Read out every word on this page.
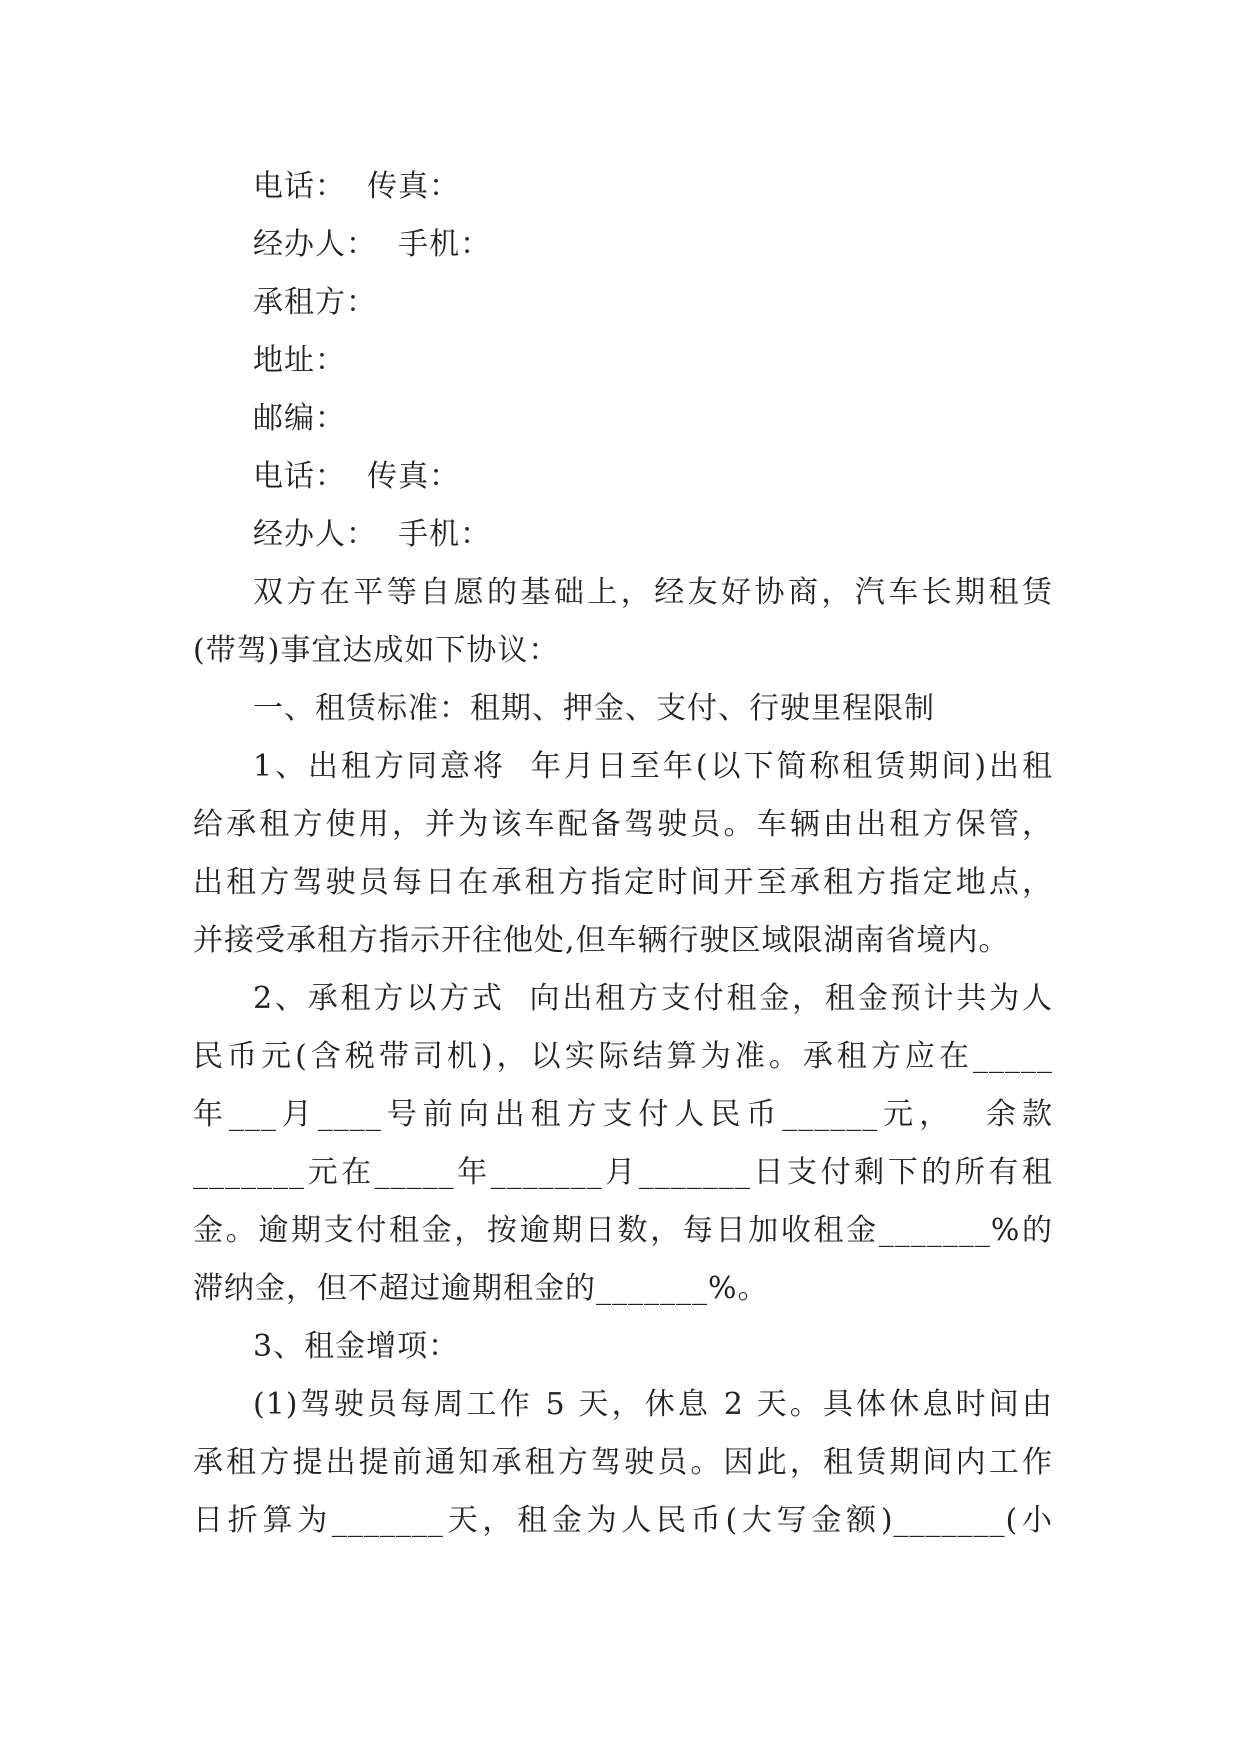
电话：  传真：
经办人：  手机：
承租方：
地址：
邮编：
电话：  传真：
经办人：  手机：
双方在平等自愿的基础上，经友好协商，汽车长期租赁
(带驾)事宜达成如下协议：
一、租赁标准：租期、押金、支付、行驶里程限制
1、出租方同意将  年月日至年(以下简称租赁期间)出租
给承租方使用，并为该车配备驾驶员。车辆由出租方保管，
出租方驾驶员每日在承租方指定时间开至承租方指定地点，
并接受承租方指示开往他处,但车辆行驶区域限湖南省境内。
2、承租方以方式  向出租方支付租金，租金预计共为人
民币元(含税带司机)，以实际结算为准。承租方应在_____
年___月____号前向出租方支付人民币______元，  余款
_______元在_____年_______月_______日支付剩下的所有租
金。逾期支付租金，按逾期日数，每日加收租金_______%的
滞纳金，但不超过逾期租金的_______%。
3、租金增项：
(1)驾驶员每周工作 5 天，休息 2 天。具体休息时间由
承租方提出提前通知承租方驾驶员。因此，租赁期间内工作
日折算为_______天，租金为人民币(大写金额)_______(小
